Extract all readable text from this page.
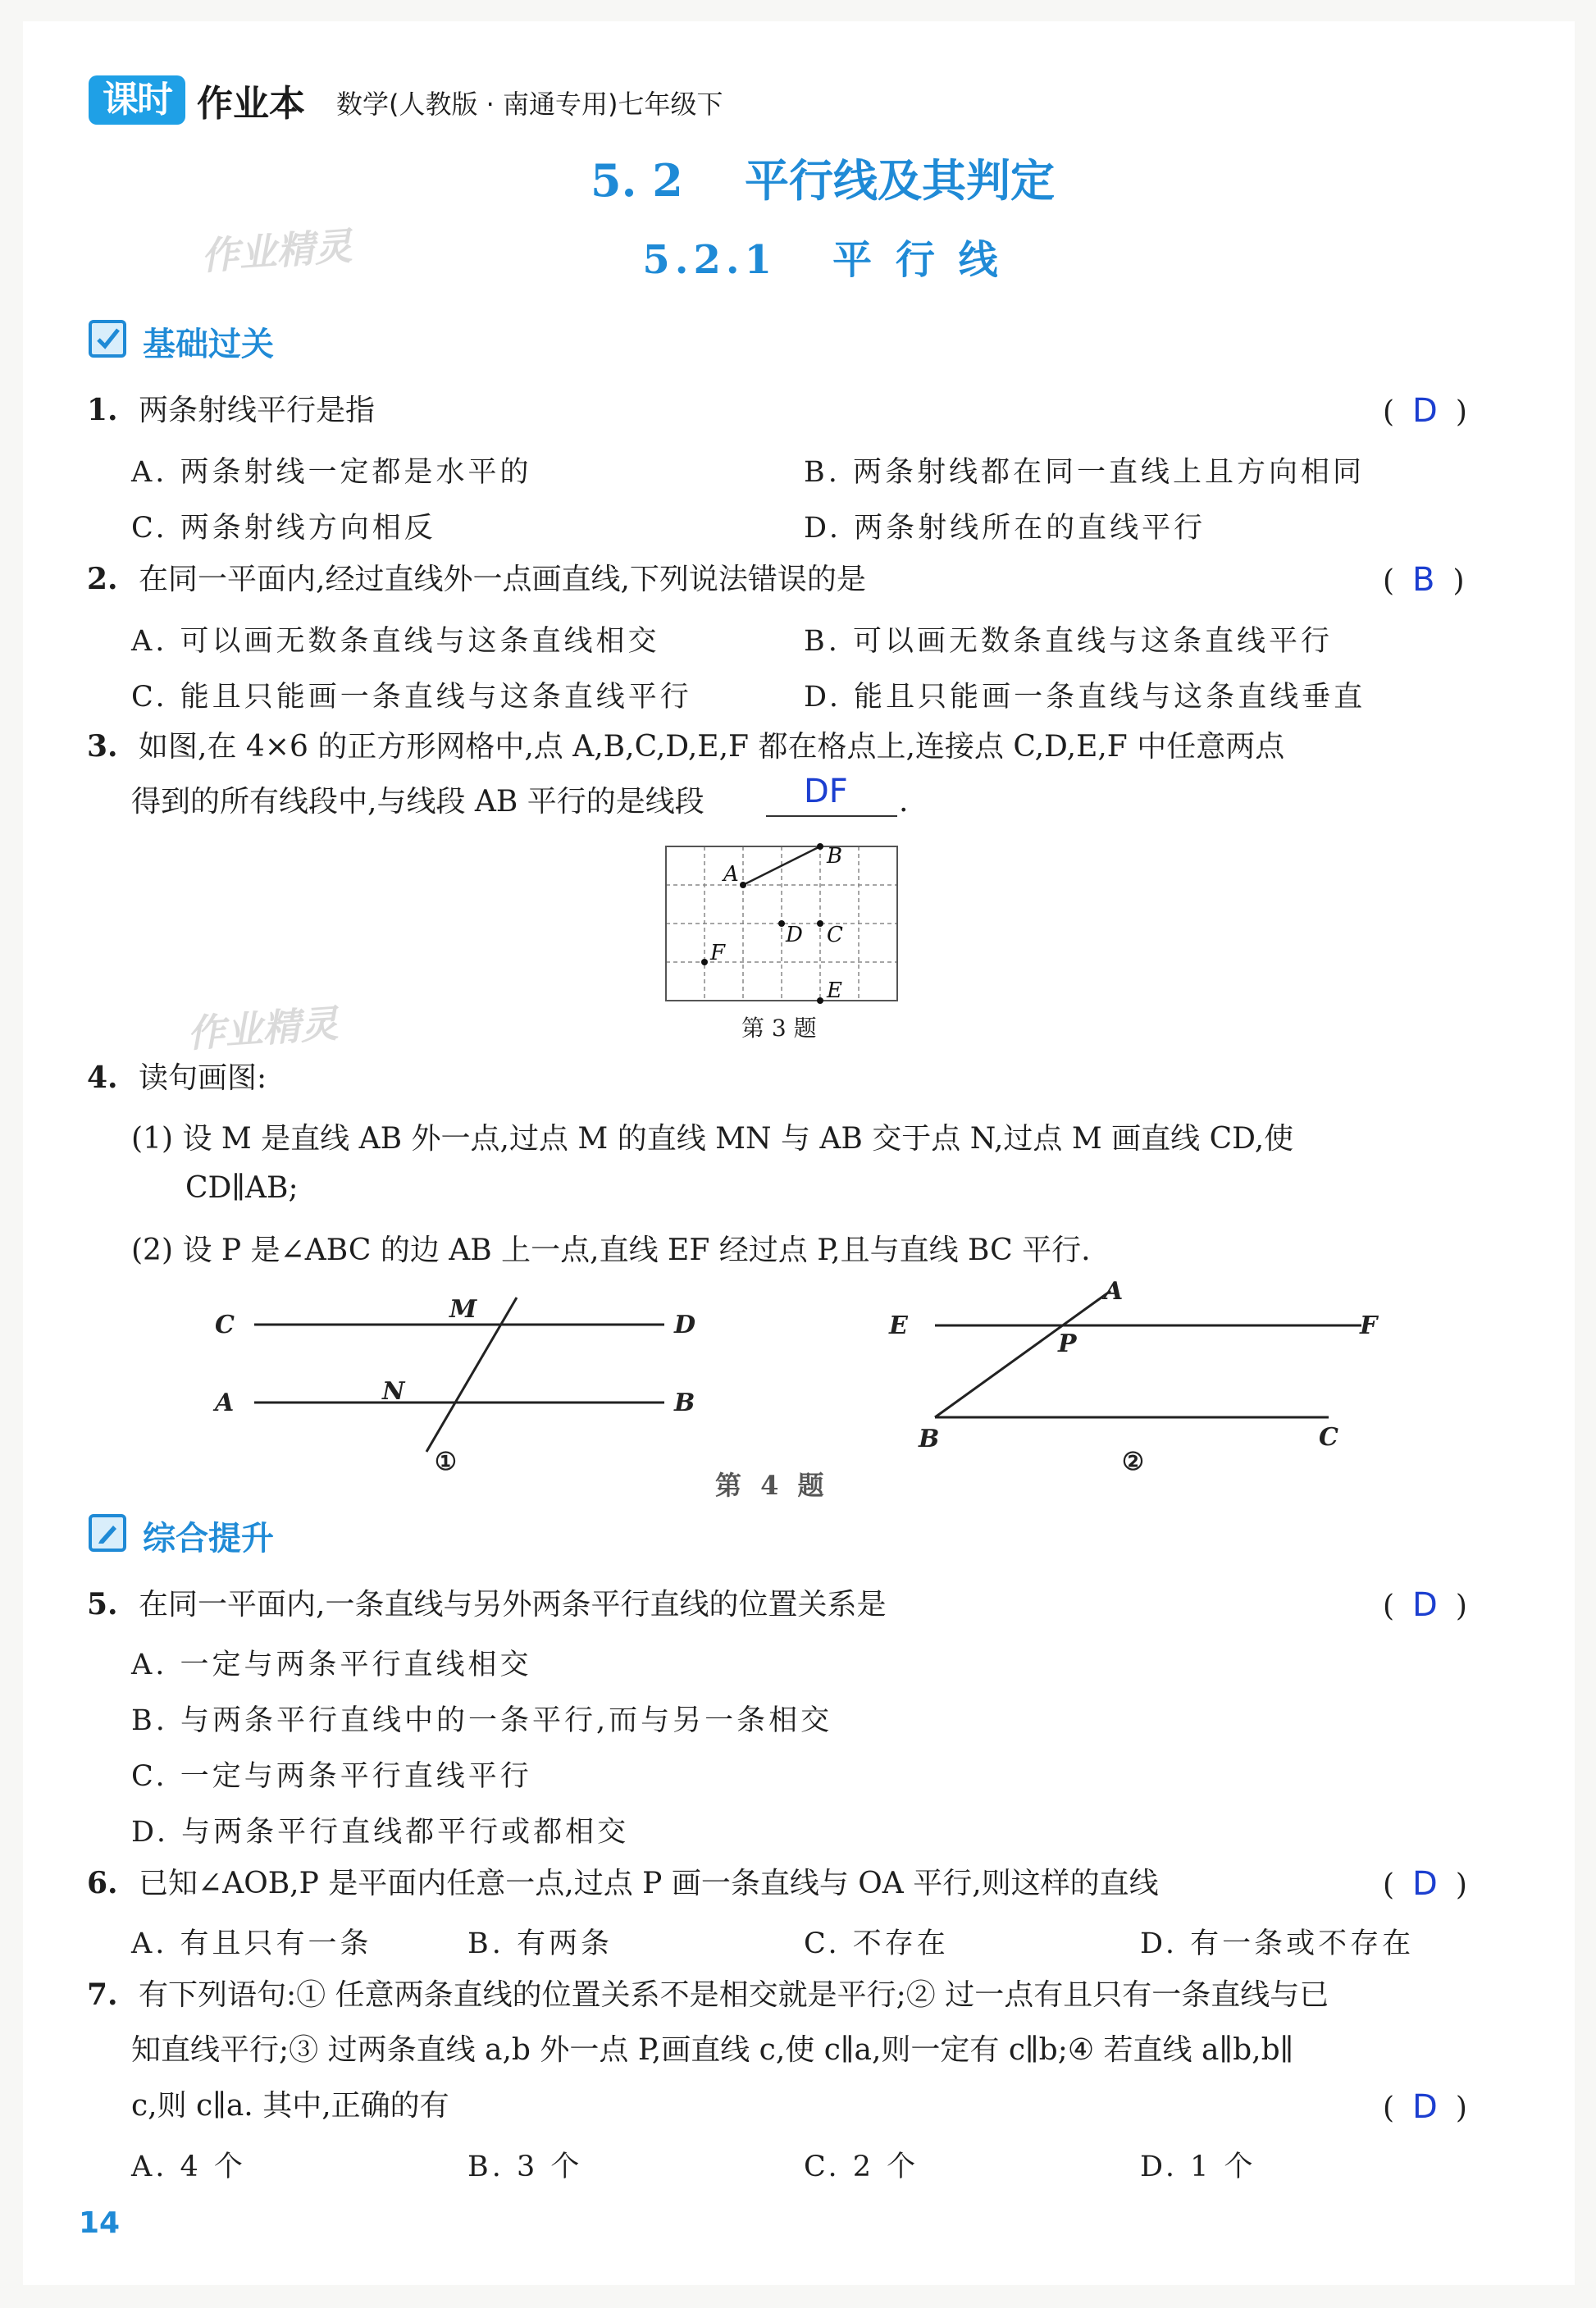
课时 作业本 数学(人教版 · 南通专用)七年级下
5. 2    平行线及其判定
5.2.1   平 行 线
作业精灵
基础过关
1. 两条射线平行是指	( D )
A. 两条射线一定都是水平的	B. 两条射线都在同一直线上且方向相同
C. 两条射线方向相反	D. 两条射线所在的直线平行
2. 在同一平面内,经过直线外一点画直线,下列说法错误的是	( B )
A. 可以画无数条直线与这条直线相交	B. 可以画无数条直线与这条直线平行
C. 能且只能画一条直线与这条直线平行	D. 能且只能画一条直线与这条直线垂直
3. 如图,在 4×6 的正方形网格中,点 A,B,C,D,E,F 都在格点上,连接点 C,D,E,F 中任意两点
得到的所有线段中,与线段 AB 平行的是线段	DF .
A
B
C
D
E
F
第 3 题
作业精灵
4. 读句画图:
(1) 设 M 是直线 AB 外一点,过点 M 的直线 MN 与 AB 交于点 N,过点 M 画直线 CD,使
CD∥AB;
(2) 设 P 是∠ABC 的边 AB 上一点,直线 EF 经过点 P,且与直线 BC 平行.
C
M
D
A	N	B
①
A
E
P
F
B	C
②
第 4 题
综合提升
5. 在同一平面内,一条直线与另外两条平行直线的位置关系是	( D )
A. 一定与两条平行直线相交
B. 与两条平行直线中的一条平行,而与另一条相交
C. 一定与两条平行直线平行
D. 与两条平行直线都平行或都相交
6. 已知∠AOB,P 是平面内任意一点,过点 P 画一条直线与 OA 平行,则这样的直线	( D )
A. 有且只有一条	B. 有两条	C. 不存在	D. 有一条或不存在
7. 有下列语句:① 任意两条直线的位置关系不是相交就是平行;② 过一点有且只有一条直线与已
知直线平行;③ 过两条直线 a,b 外一点 P,画直线 c,使 c∥a,则一定有 c∥b;④ 若直线 a∥b,b∥
c,则 c∥a. 其中,正确的有	( D )
A. 4 个	B. 3 个	C. 2 个	D. 1 个
14
